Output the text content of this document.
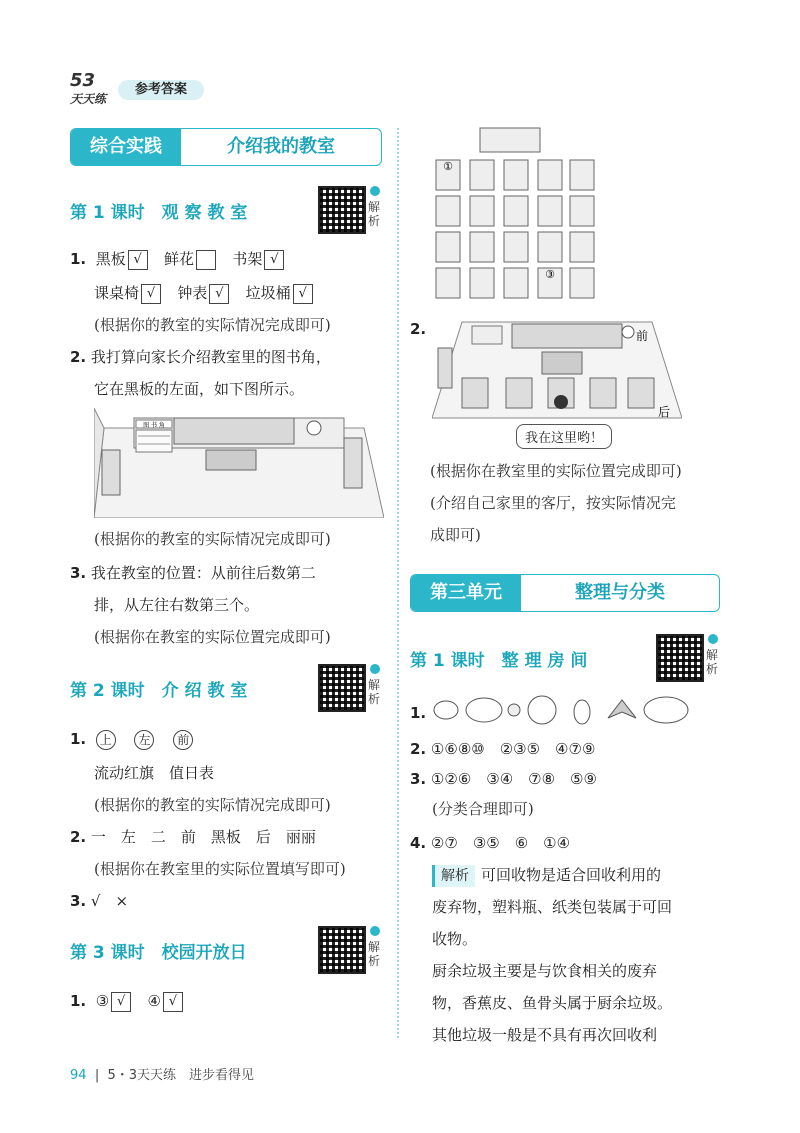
53
天天练
参考答案
综合实践	介绍我的教室
第 1 课时　观 察 教 室	解析
1. 黑板 √ 鲜花	书架 √
课桌椅 √ 钟表 √ 垃圾桶 √
(根据你的教室的实际情况完成即可)
2. 我打算向家长介绍教室里的图书角，
它在黑板的左面，如下图所示。
图 书 角
(根据你的教室的实际情况完成即可)
3. 我在教室的位置：从前往后数第二
排，从左往右数第三个。
(根据你在教室的实际位置完成即可)
第 2 课时　介 绍 教 室	解析
1. 上 左 前
流动红旗　值日表
(根据你的教室的实际情况完成即可)
2. 一　左　二　前　黑板　后　丽丽
(根据你在教室里的实际位置填写即可)
3. √　×
第 3 课时　校园开放日	解析
1. ③ √ ④ √
①
③
2.	前
后
我在这里哟！
(根据你在教室里的实际位置完成即可)
(介绍自己家里的客厅，按实际情况完
成即可)
第三单元	整理与分类
第 1 课时　整 理 房 间	解析
1.
2. ①⑥⑧⑩　②③⑤　④⑦⑨
3. ①②⑥　③④　⑦⑧　⑤⑨
(分类合理即可)
4. ②⑦　③⑤　⑥　①④
解析 可回收物是适合回收利用的
废弃物，塑料瓶、纸类包装属于可回
收物。
厨余垃圾主要是与饮食相关的废弃
物，香蕉皮、鱼骨头属于厨余垃圾。
其他垃圾一般是不具有再次回收利
94 | 5・3天天练　进步看得见
